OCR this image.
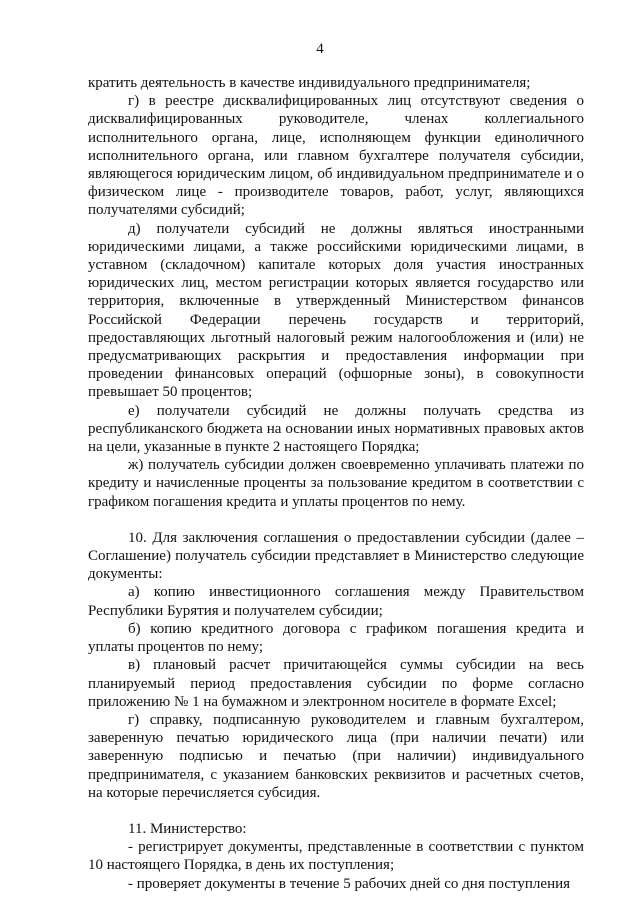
4

кратить деятельность в качестве индивидуального предпринимателя;

г) в реестре дисквалифицированных лиц отсутствуют сведения о дисквалифицированных руководителе, членах коллегиального исполнительного органа, лице, исполняющем функции единоличного исполнительного органа, или главном бухгалтере получателя субсидии, являющегося юридическим лицом, об индивидуальном предпринимателе и о физическом лице - производителе товаров, работ, услуг, являющихся получателями субсидий;

д) получатели субсидий не должны являться иностранными юридическими лицами, а также российскими юридическими лицами, в уставном (складочном) капитале которых доля участия иностранных юридических лиц, местом регистрации которых является государство или территория, включенные в утвержденный Министерством финансов Российской Федерации перечень государств и территорий, предоставляющих льготный налоговый режим налогообложения и (или) не предусматривающих раскрытия и предоставления информации при проведении финансовых операций (офшорные зоны), в совокупности превышает 50 процентов;

е) получатели субсидий не должны получать средства из республиканского бюджета на основании иных нормативных правовых актов на цели, указанные в пункте 2 настоящего Порядка;

ж) получатель субсидии должен своевременно уплачивать платежи по кредиту и начисленные проценты за пользование кредитом в соответствии с графиком погашения кредита и уплаты процентов по нему.

10. Для заключения соглашения о предоставлении субсидии (далее – Соглашение) получатель субсидии представляет в Министерство следующие документы:

а) копию инвестиционного соглашения между Правительством Республики Бурятия и получателем субсидии;

б) копию кредитного договора с графиком погашения кредита и уплаты процентов по нему;

в) плановый расчет причитающейся суммы субсидии на весь планируемый период предоставления субсидии по форме согласно приложению № 1 на бумажном и электронном носителе в формате Excel;

г) справку, подписанную руководителем и главным бухгалтером, заверенную печатью юридического лица (при наличии печати) или заверенную подписью и печатью (при наличии) индивидуального предпринимателя, с указанием банковских реквизитов и расчетных счетов, на которые перечисляется субсидия.

11. Министерство:

- регистрирует документы, представленные в соответствии с пунктом 10 настоящего Порядка, в день их поступления;

- проверяет документы в течение 5 рабочих дней со дня поступления
